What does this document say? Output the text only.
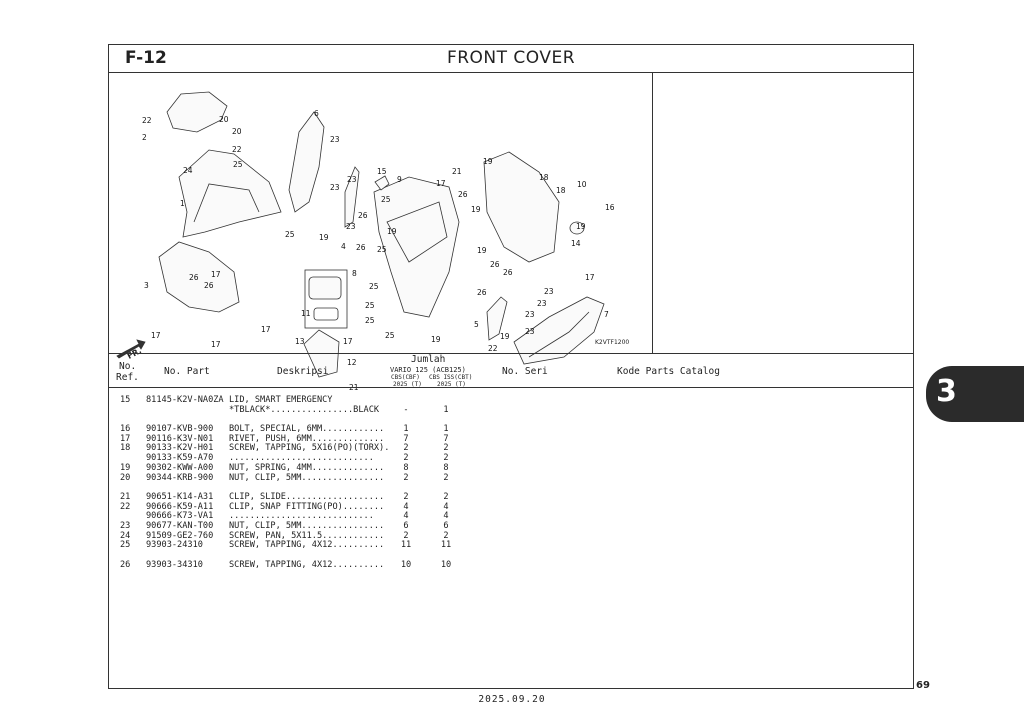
F-12	FRONT COVER
22
2
20
20
22
25
24
1
3
26 17
26
17
17
17
6
23
23
23
23
25	19
4 26
26
8
11
13	17
12
21
15
25
9	17
19
25
25
25
25
25	19
21
19
26
19
19
18
18
10
16
19
14
26
26
17
23
23
23
26
5
19
22
7
23
FR.
K2VTF1200
No.
Ref.
No. Part	Deskripsi
Jumlah
VARIO 125 (ACB125)
CBS(CBF) CBS ISS(CBT)
2025 (T)	2025 (T)
No. Seri	Kode Parts Catalog
15 81145-K2V-NA0ZA LID, SMART EMERGENCY
*TBLACK*................BLACK	-	1
16 90107-KVB-900 BOLT, SPECIAL, 6MM............	1	1
17 90116-K3V-N01 RIVET, PUSH, 6MM..............	7	7
18 90133-K2V-H01 SCREW, TAPPING, 5X16(PO)(TORX).	2	2
90133-K59-A70 ............................	2	2
19 90302-KWW-A00 NUT, SPRING, 4MM..............	8	8
20 90344-KRB-900 NUT, CLIP, 5MM................	2	2
21 90651-K14-A31 CLIP, SLIDE...................	2	2
22 90666-K59-A11 CLIP, SNAP FITTING(PO)........	4	4
90666-K73-VA1 ............................	4	4
23 90677-KAN-T00 NUT, CLIP, 5MM................	6	6
24 91509-GE2-760 SCREW, PAN, 5X11.5............	2	2
25 93903-24310	SCREW, TAPPING, 4X12.......... 11	11
26 93903-34310	SCREW, TAPPING, 4X12.......... 10	10
3
69
2025.09.20
